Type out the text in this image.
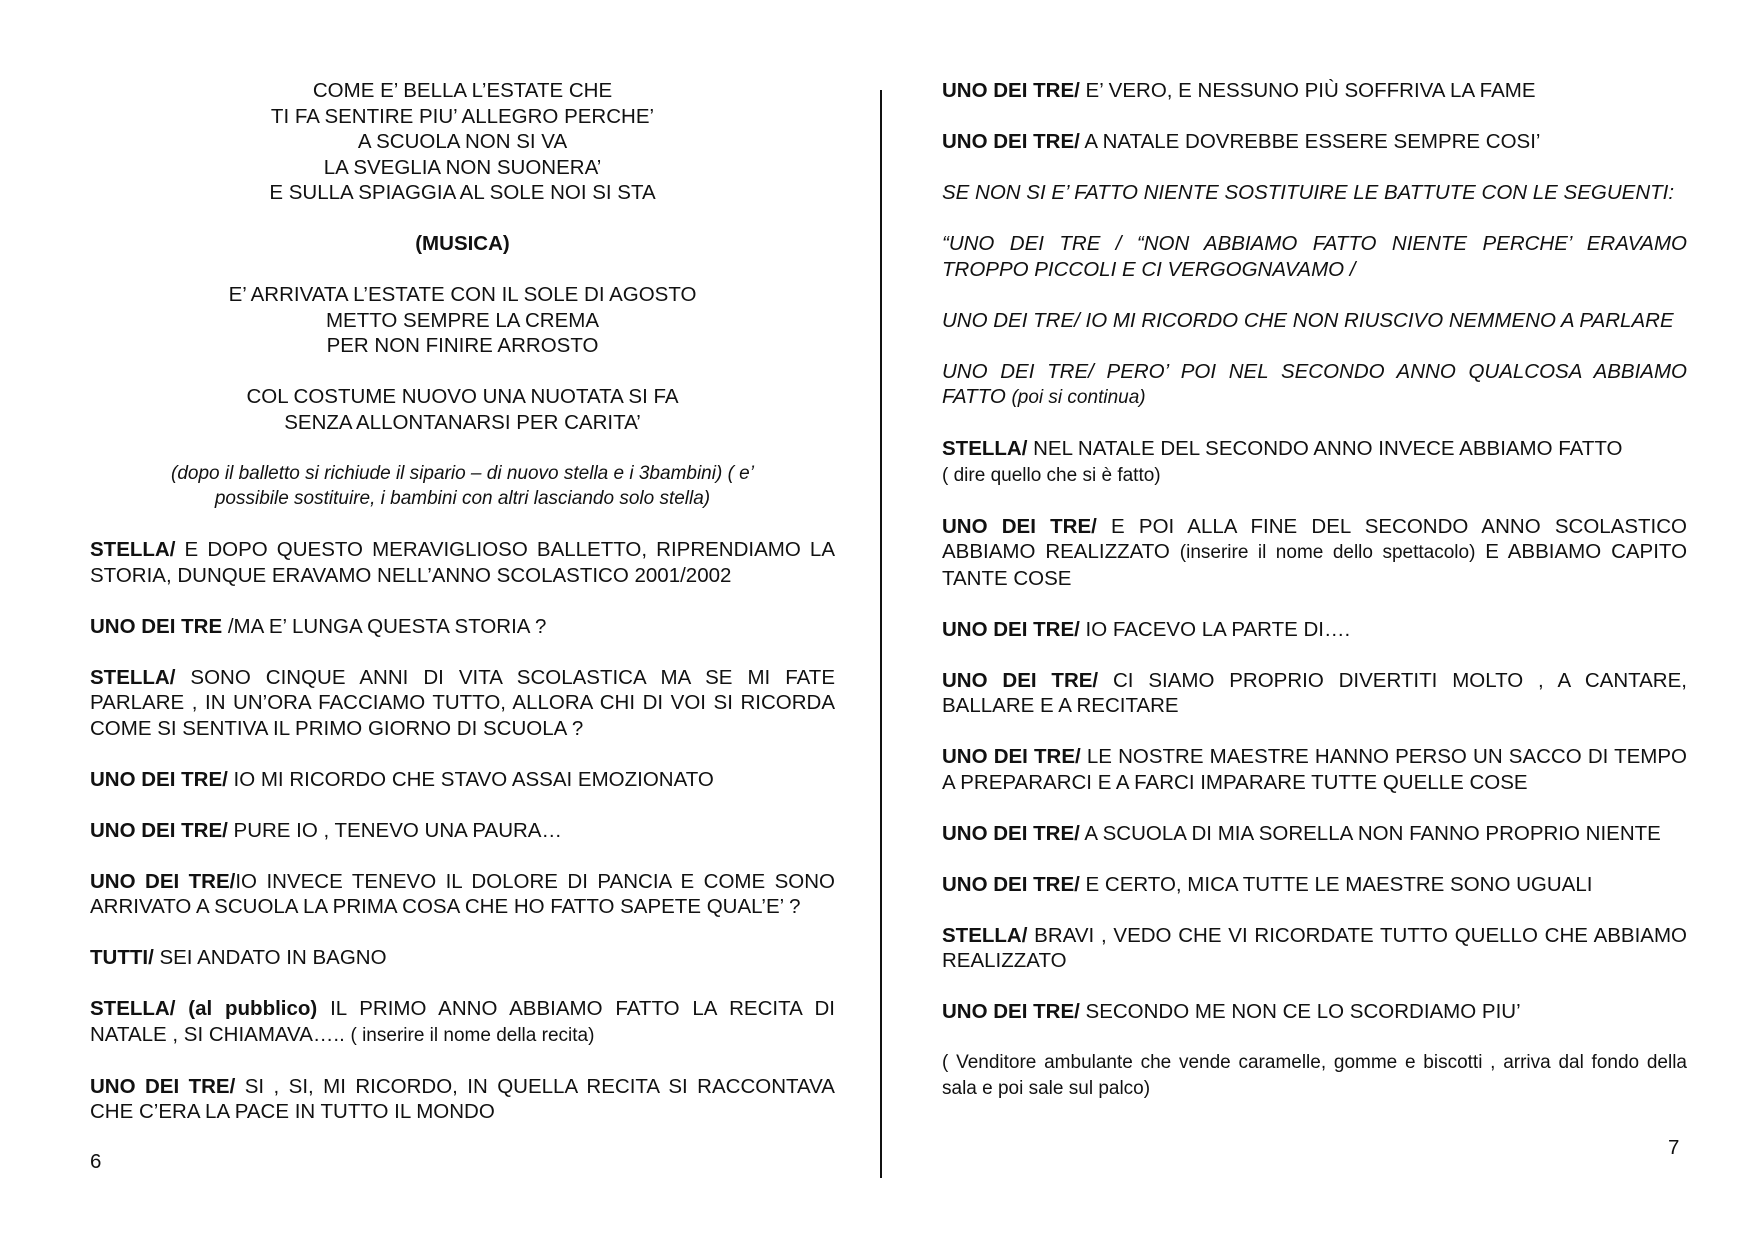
COME E’ BELLA L’ESTATE CHE
TI FA SENTIRE PIU’ ALLEGRO PERCHE’
A SCUOLA NON SI VA
LA SVEGLIA NON SUONERA’
E SULLA SPIAGGIA AL SOLE NOI SI STA

(MUSICA)

E’ ARRIVATA L’ESTATE CON IL SOLE DI AGOSTO
METTO SEMPRE LA CREMA
PER NON FINIRE ARROSTO
COL COSTUME NUOVO UNA NUOTATA SI FA
SENZA ALLONTANARSI PER CARITA’
(dopo il balletto si richiude il sipario – di nuovo stella e i 3bambini) ( e’
possibile sostituire, i bambini con altri lasciando solo stella)

STELLA/ E DOPO QUESTO MERAVIGLIOSO BALLETTO, RIPRENDIAMO LA STORIA, DUNQUE ERAVAMO NELL’ANNO SCOLASTICO 2001/2002

UNO DEI TRE /MA E’ LUNGA QUESTA STORIA ?

STELLA/ SONO CINQUE ANNI DI VITA SCOLASTICA MA SE MI FATE PARLARE , IN UN’ORA FACCIAMO TUTTO, ALLORA CHI DI VOI SI RICORDA COME SI SENTIVA IL PRIMO GIORNO DI SCUOLA ?

UNO DEI TRE/ IO MI RICORDO CHE STAVO ASSAI EMOZIONATO

UNO DEI TRE/ PURE IO , TENEVO UNA PAURA…

UNO DEI TRE/IO INVECE TENEVO IL DOLORE DI PANCIA E COME SONO ARRIVATO A SCUOLA LA PRIMA COSA CHE HO FATTO SAPETE QUAL’E’ ?

TUTTI/ SEI ANDATO IN BAGNO

STELLA/ (al pubblico) IL PRIMO ANNO ABBIAMO FATTO LA RECITA DI NATALE , SI CHIAMAVA….. ( inserire il nome della recita)

UNO DEI TRE/ SI , SI, MI RICORDO, IN QUELLA RECITA SI RACCONTAVA CHE C’ERA LA PACE IN TUTTO IL MONDO

UNO DEI TRE/ E’ VERO, E NESSUNO PIÙ SOFFRIVA LA FAME

UNO DEI TRE/ A NATALE DOVREBBE ESSERE SEMPRE COSI’

SE NON SI E’ FATTO NIENTE SOSTITUIRE LE BATTUTE CON LE SEGUENTI:

“UNO DEI TRE / “NON ABBIAMO FATTO NIENTE PERCHE’ ERAVAMO TROPPO PICCOLI E CI VERGOGNAVAMO /

UNO DEI TRE/ IO MI RICORDO CHE NON RIUSCIVO NEMMENO A PARLARE

UNO DEI TRE/ PERO’ POI NEL SECONDO ANNO QUALCOSA ABBIAMO FATTO (poi si continua)

STELLA/ NEL NATALE DEL SECONDO ANNO INVECE ABBIAMO FATTO
( dire quello che si è fatto)

UNO DEI TRE/ E POI ALLA FINE DEL SECONDO ANNO SCOLASTICO ABBIAMO REALIZZATO (inserire il nome dello spettacolo) E ABBIAMO CAPITO TANTE COSE

UNO DEI TRE/ IO FACEVO LA PARTE DI….

UNO DEI TRE/ CI SIAMO PROPRIO DIVERTITI MOLTO , A CANTARE, BALLARE E A RECITARE

UNO DEI TRE/ LE NOSTRE MAESTRE HANNO PERSO UN SACCO DI TEMPO A PREPARARCI E A FARCI IMPARARE TUTTE QUELLE COSE

UNO DEI TRE/ A SCUOLA DI MIA SORELLA NON FANNO PROPRIO NIENTE

UNO DEI TRE/ E CERTO, MICA TUTTE LE MAESTRE SONO UGUALI

STELLA/ BRAVI , VEDO CHE VI RICORDATE TUTTO QUELLO CHE ABBIAMO REALIZZATO

UNO DEI TRE/ SECONDO ME NON CE LO SCORDIAMO PIU’

( Venditore ambulante che vende caramelle, gomme e biscotti , arriva dal fondo della sala e poi sale sul palco)

6
7
